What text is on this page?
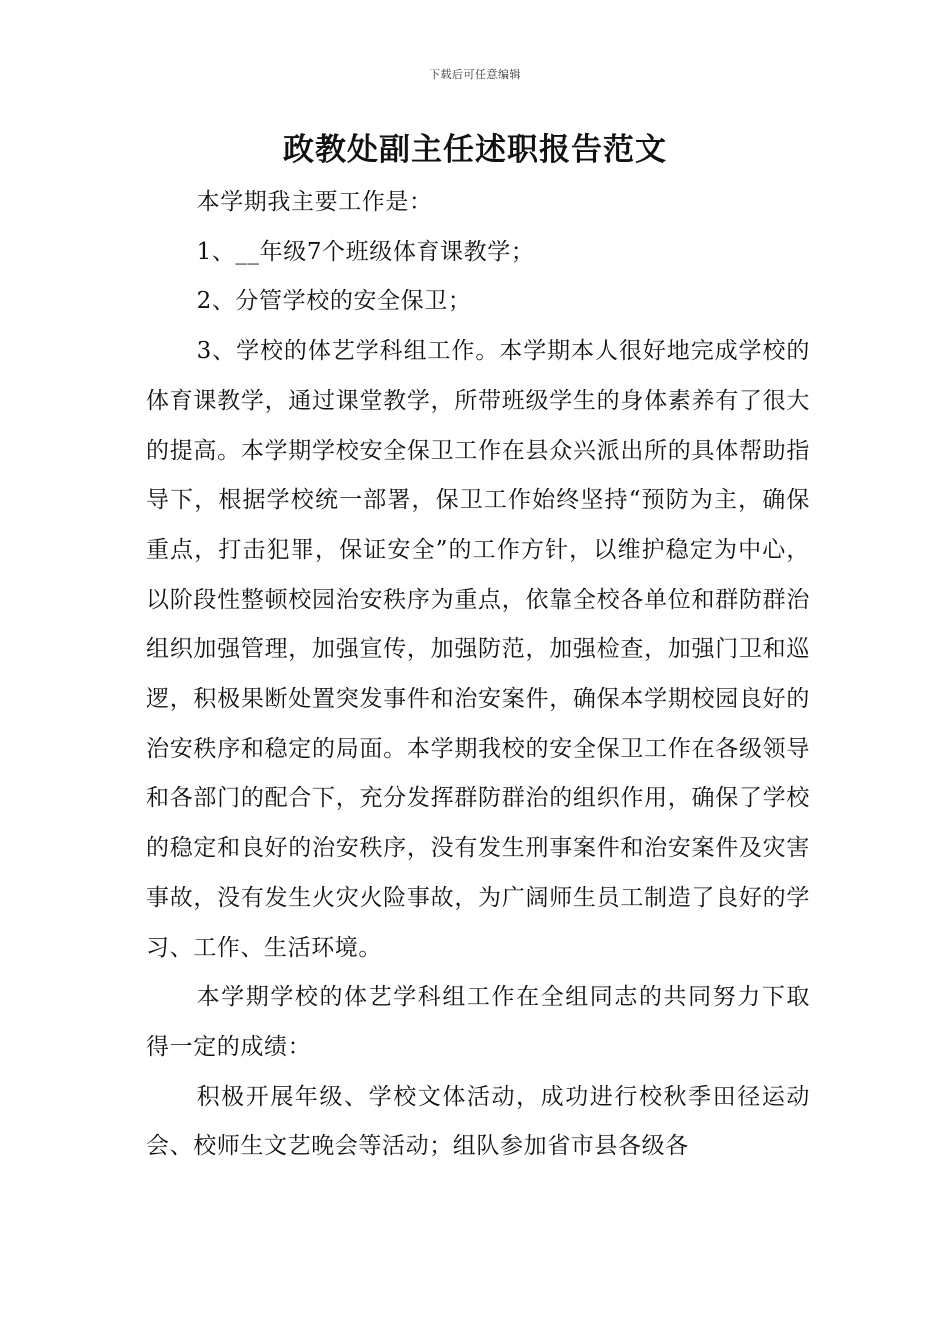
下载后可任意编辑
政教处副主任述职报告范文

本学期我主要工作是：

1、__年级7个班级体育课教学；

2、分管学校的安全保卫；

3、学校的体艺学科组工作。本学期本人很好地完成学校的体育课教学，通过课堂教学，所带班级学生的身体素养有了很大的提高。本学期学校安全保卫工作在县众兴派出所的具体帮助指导下，根据学校统一部署，保卫工作始终坚持“预防为主，确保重点，打击犯罪，保证安全”的工作方针，以维护稳定为中心，以阶段性整顿校园治安秩序为重点，依靠全校各单位和群防群治组织加强管理，加强宣传，加强防范，加强检查，加强门卫和巡逻，积极果断处置突发事件和治安案件，确保本学期校园良好的治安秩序和稳定的局面。本学期我校的安全保卫工作在各级领导和各部门的配合下，充分发挥群防群治的组织作用，确保了学校的稳定和良好的治安秩序，没有发生刑事案件和治安案件及灾害事故，没有发生火灾火险事故，为广阔师生员工制造了良好的学习、工作、生活环境。

本学期学校的体艺学科组工作在全组同志的共同努力下取得一定的成绩：

积极开展年级、学校文体活动，成功进行校秋季田径运动会、校师生文艺晚会等活动；组队参加省市县各级各
